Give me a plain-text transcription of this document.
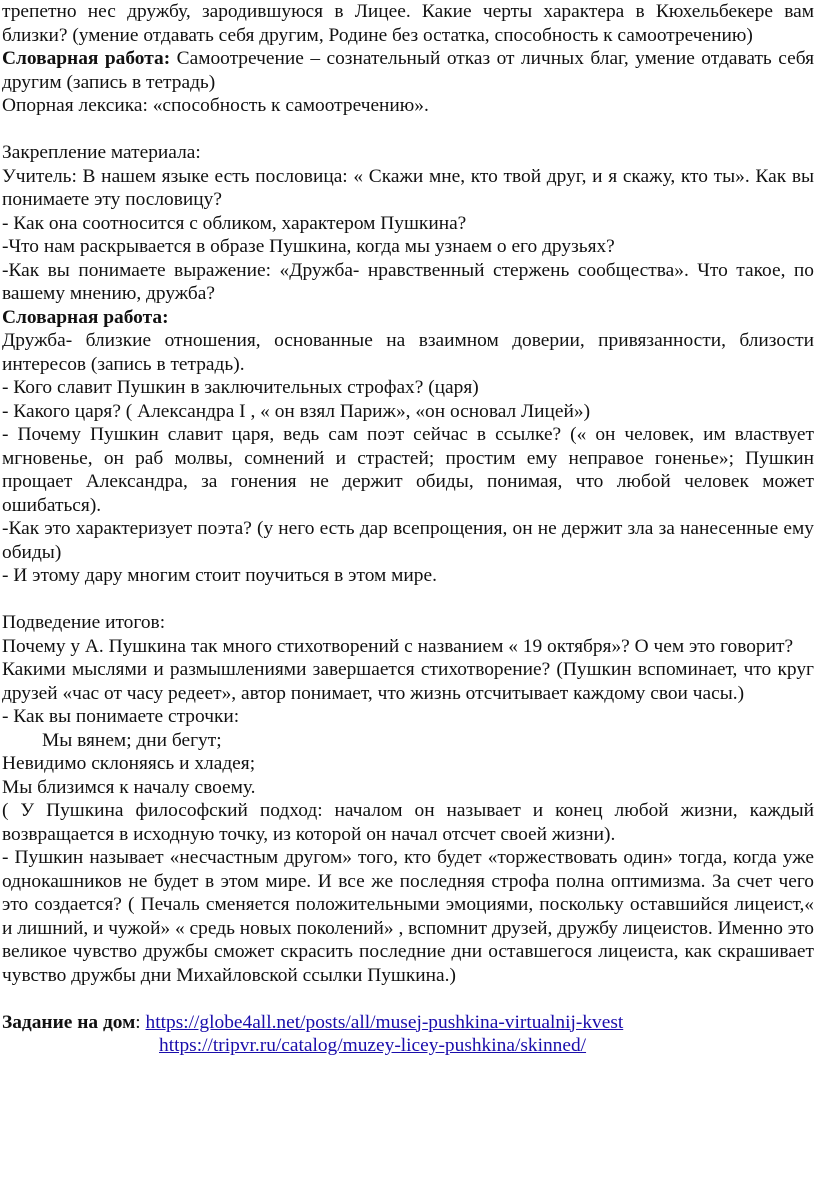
трепетно нес дружбу, зародившуюся в Лицее. Какие черты характера в Кюхельбекере вам близки? (умение отдавать себя другим, Родине без остатка, способность к самоотречению)

Словарная работа: Самоотречение – сознательный отказ от личных благ, умение отдавать себя другим (запись в тетрадь)

Опорная лексика: «способность к самоотречению».

Закрепление материала:

Учитель: В нашем языке есть пословица: « Скажи мне, кто твой друг, и я скажу, кто ты». Как вы понимаете эту пословицу?

- Как она соотносится с обликом, характером Пушкина?

-Что нам раскрывается в образе Пушкина, когда мы узнаем о его друзьях?

-Как вы понимаете выражение: «Дружба- нравственный стержень сообщества». Что такое, по вашему мнению, дружба?

Словарная работа:

Дружба- близкие отношения, основанные на взаимном доверии, привязанности, близости интересов (запись в тетрадь).

- Кого славит Пушкин в заключительных строфах? (царя)

- Какого царя? ( Александра I , « он взял Париж», «он основал Лицей»)

- Почему Пушкин славит царя, ведь сам поэт сейчас в ссылке? (« он человек, им властвует мгновенье, он раб молвы, сомнений и страстей; простим ему неправое гоненье»; Пушкин прощает Александра, за гонения не держит обиды, понимая, что любой человек может ошибаться).

-Как это характеризует поэта? (у него есть дар всепрощения, он не держит зла за нанесенные ему обиды)

- И этому дару многим стоит поучиться в этом мире.

Подведение итогов:

Почему у А. Пушкина так много стихотворений с названием « 19 октября»? О чем это говорит?

Какими мыслями и размышлениями завершается стихотворение? (Пушкин вспоминает, что круг друзей «час от часу редеет», автор понимает, что жизнь отсчитывает каждому свои часы.)

- Как вы понимаете строчки:

Мы вянем; дни бегут;

Невидимо склоняясь и хладея;

Мы близимся к началу своему.

( У Пушкина философский подход: началом он называет и конец любой жизни, каждый возвращается в исходную точку, из которой он начал отсчет своей жизни).

- Пушкин называет «несчастным другом» того, кто будет «торжествовать один» тогда, когда уже однокашников не будет в этом мире. И все же последняя строфа полна оптимизма. За счет чего это создается? ( Печаль сменяется положительными эмоциями, поскольку оставшийся лицеист,« и лишний, и чужой» « средь новых поколений» , вспомнит друзей, дружбу лицеистов. Именно это великое чувство дружбы сможет скрасить последние дни оставшегося лицеиста, как скрашивает чувство дружбы дни Михайловской ссылки Пушкина.)

Задание на дом: https://globe4all.net/posts/all/musej-pushkina-virtualnij-kvest

https://tripvr.ru/catalog/muzey-licey-pushkina/skinned/
